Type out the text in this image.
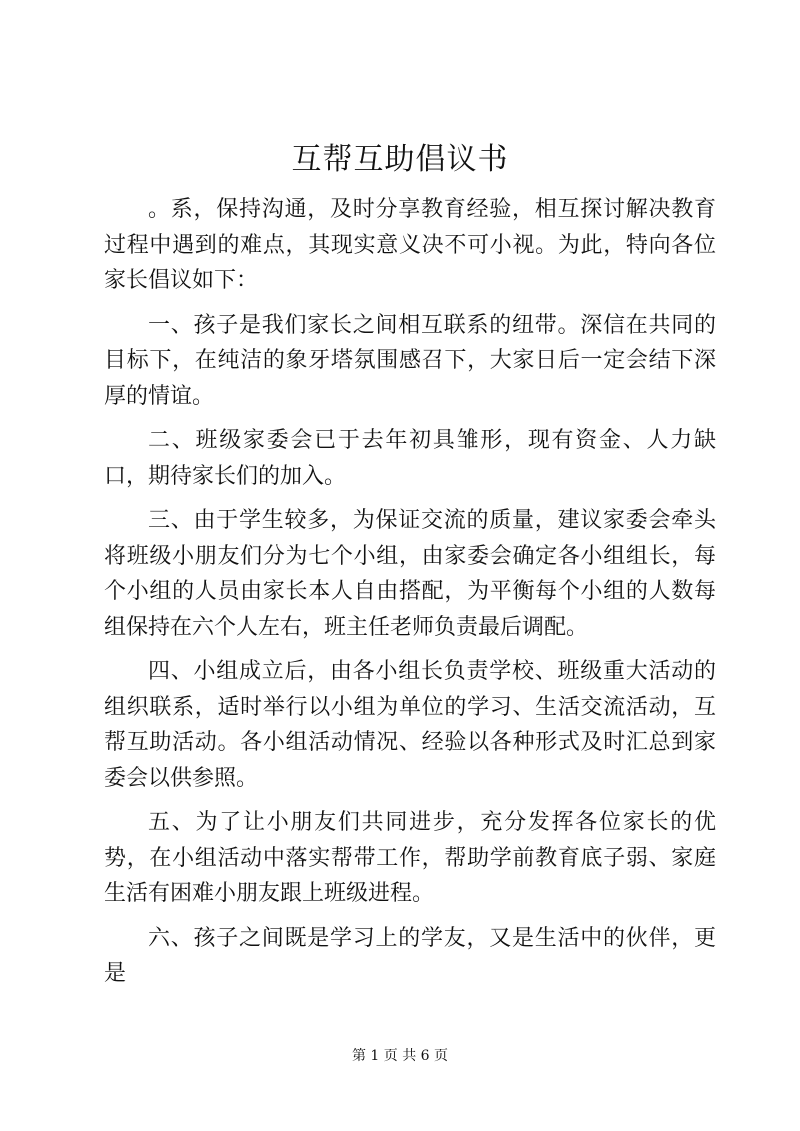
互帮互助倡议书

。系，保持沟通，及时分享教育经验，相互探讨解决教育过程中遇到的难点，其现实意义决不可小视。为此，特向各位家长倡议如下：

一、孩子是我们家长之间相互联系的纽带。深信在共同的目标下，在纯洁的象牙塔氛围感召下，大家日后一定会结下深厚的情谊。

二、班级家委会已于去年初具雏形，现有资金、人力缺口，期待家长们的加入。

三、由于学生较多，为保证交流的质量，建议家委会牵头将班级小朋友们分为七个小组，由家委会确定各小组组长，每个小组的人员由家长本人自由搭配，为平衡每个小组的人数每组保持在六个人左右，班主任老师负责最后调配。

四、小组成立后，由各小组长负责学校、班级重大活动的组织联系，适时举行以小组为单位的学习、生活交流活动，互帮互助活动。各小组活动情况、经验以各种形式及时汇总到家委会以供参照。

五、为了让小朋友们共同进步，充分发挥各位家长的优势，在小组活动中落实帮带工作，帮助学前教育底子弱、家庭生活有困难小朋友跟上班级进程。

六、孩子之间既是学习上的学友，又是生活中的伙伴，更是

第 1 页 共 6 页
